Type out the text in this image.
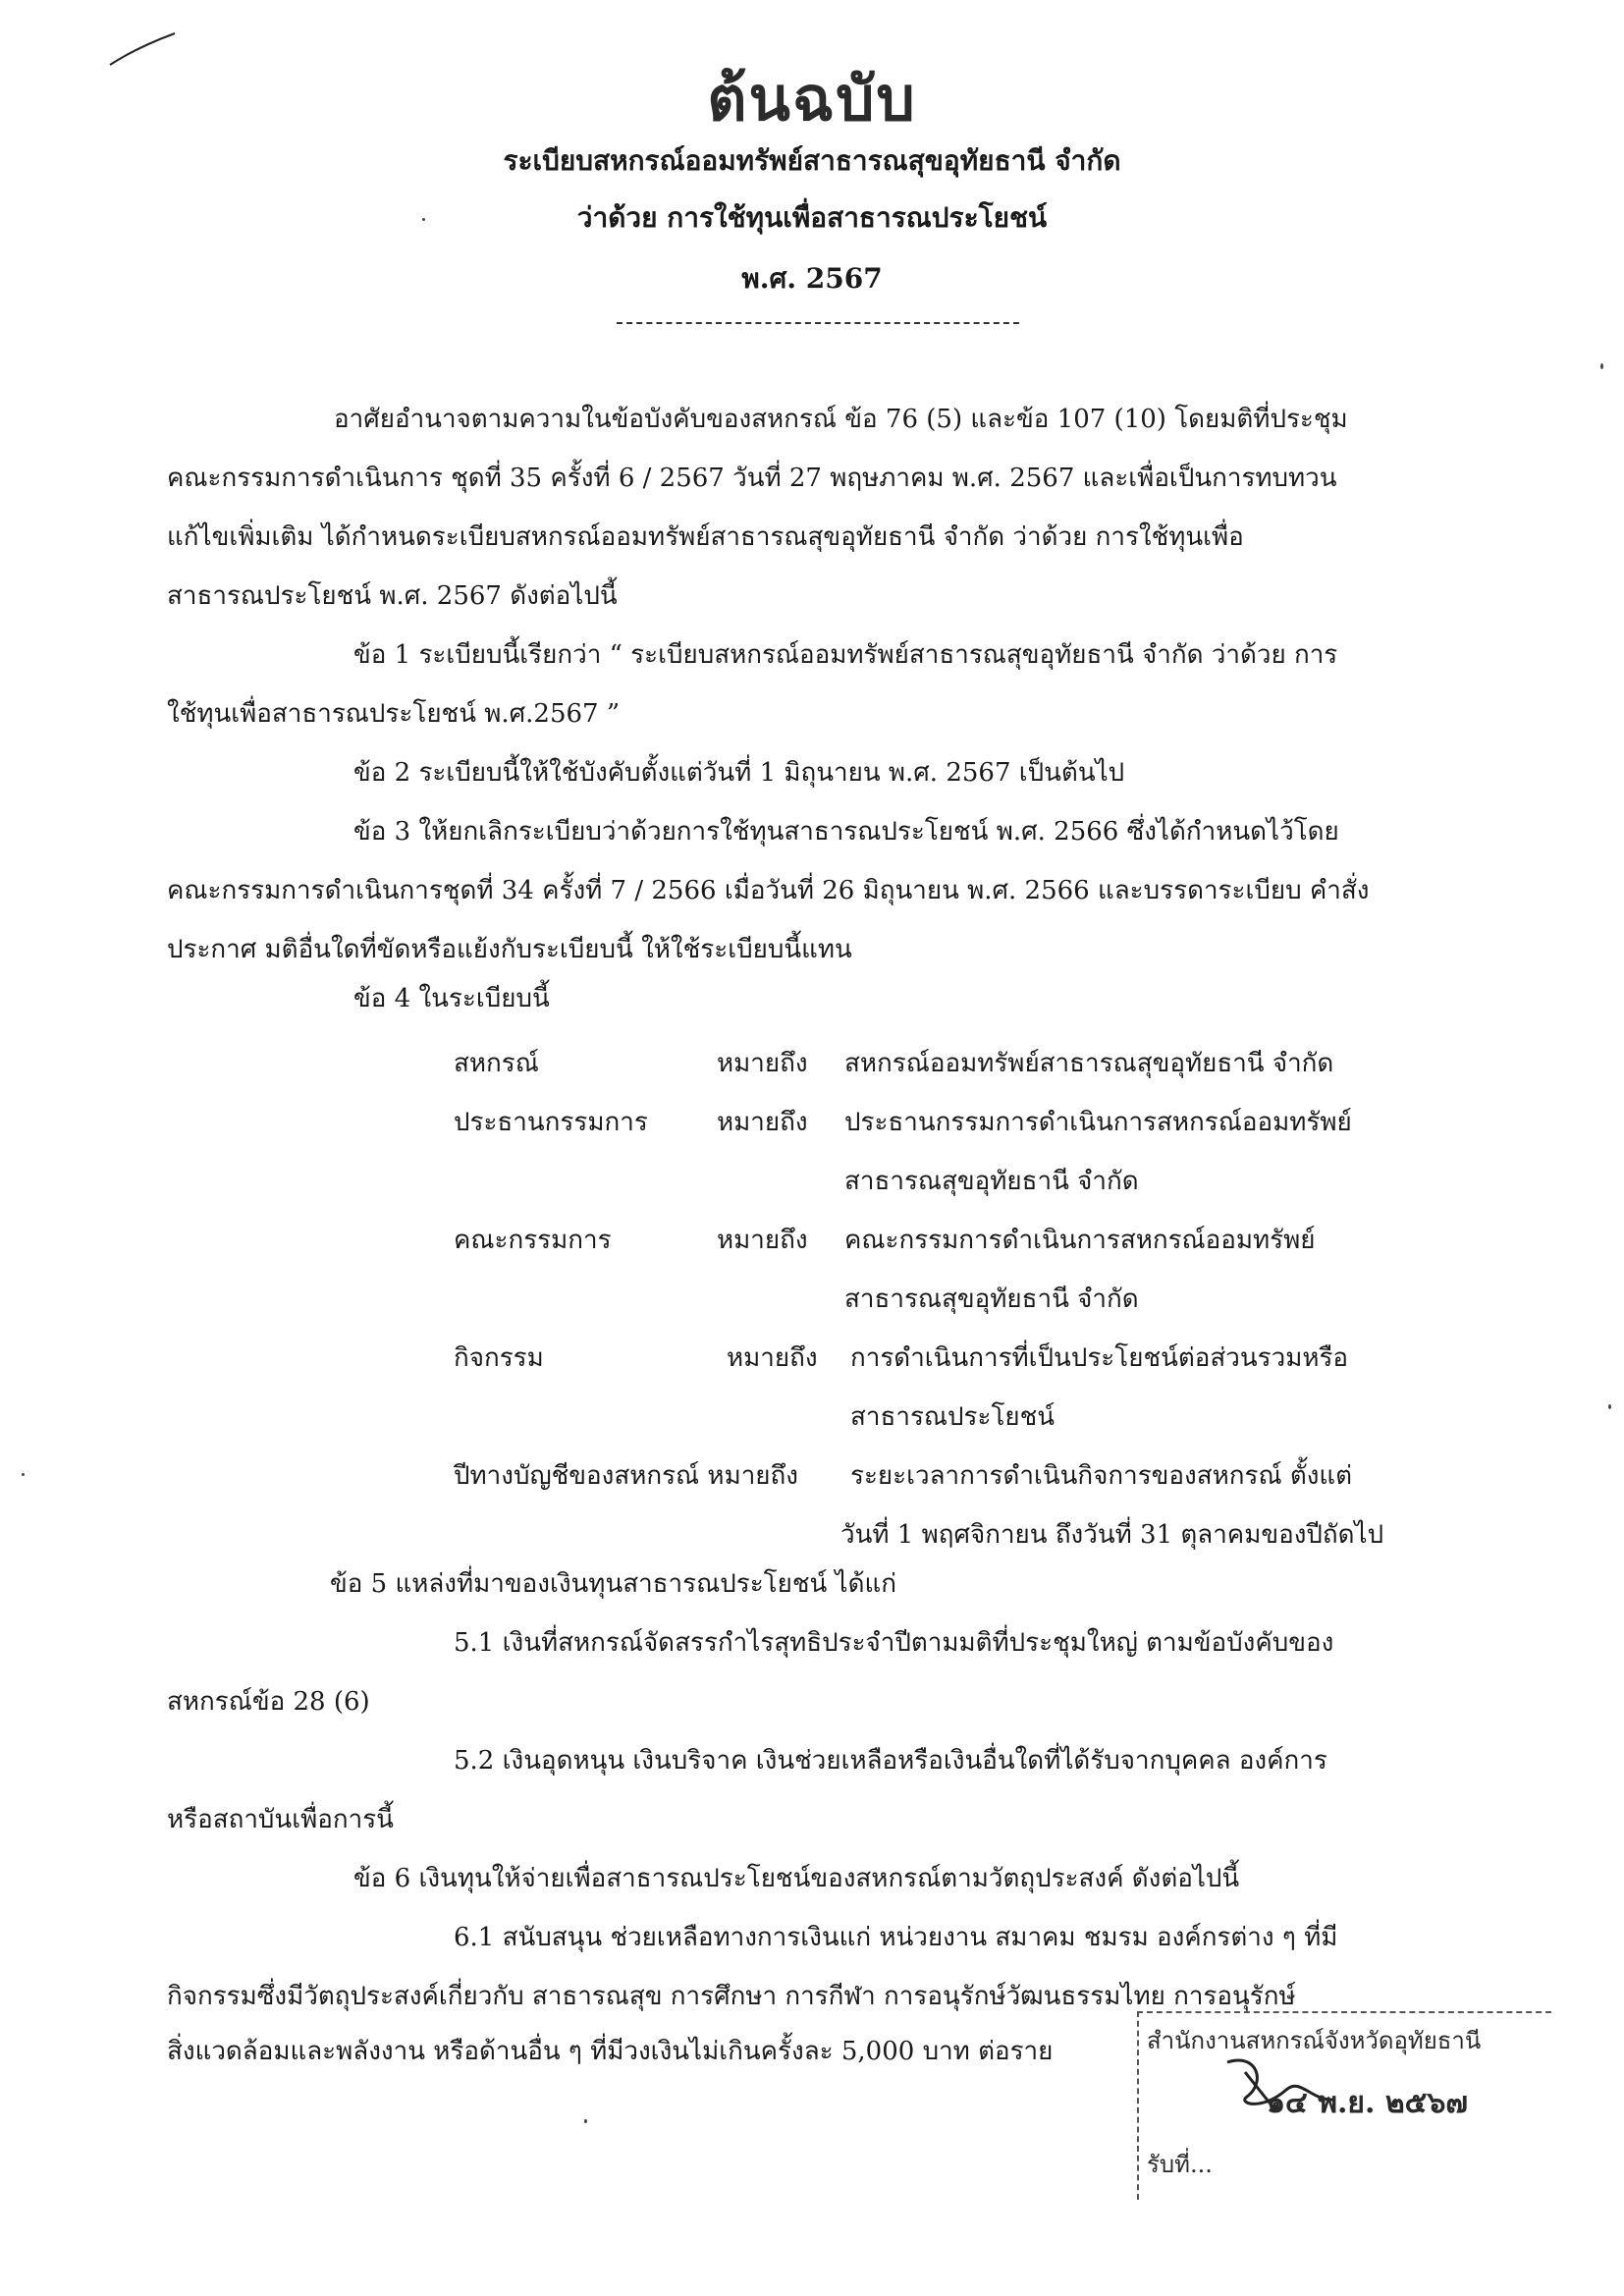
ต้นฉบับ
ระเบียบสหกรณ์ออมทรัพย์สาธารณสุขอุทัยธานี จำกัด
ว่าด้วย การใช้ทุนเพื่อสาธารณประโยชน์
พ.ศ. 2567
อาศัยอำนาจตามความในข้อบังคับของสหกรณ์ ข้อ 76 (5) และข้อ 107 (10) โดยมติที่ประชุม
คณะกรรมการดำเนินการ ชุดที่ 35 ครั้งที่ 6 / 2567 วันที่ 27 พฤษภาคม พ.ศ. 2567 และเพื่อเป็นการทบทวน
แก้ไขเพิ่มเติม ได้กำหนดระเบียบสหกรณ์ออมทรัพย์สาธารณสุขอุทัยธานี จำกัด ว่าด้วย การใช้ทุนเพื่อ
สาธารณประโยชน์ พ.ศ. 2567 ดังต่อไปนี้
ข้อ 1 ระเบียบนี้เรียกว่า “ ระเบียบสหกรณ์ออมทรัพย์สาธารณสุขอุทัยธานี จำกัด ว่าด้วย การ
ใช้ทุนเพื่อสาธารณประโยชน์ พ.ศ.2567 ”
ข้อ 2 ระเบียบนี้ให้ใช้บังคับตั้งแต่วันที่ 1 มิถุนายน พ.ศ. 2567 เป็นต้นไป
ข้อ 3 ให้ยกเลิกระเบียบว่าด้วยการใช้ทุนสาธารณประโยชน์ พ.ศ. 2566 ซึ่งได้กำหนดไว้โดย
คณะกรรมการดำเนินการชุดที่ 34 ครั้งที่ 7 / 2566 เมื่อวันที่ 26 มิถุนายน พ.ศ. 2566 และบรรดาระเบียบ คำสั่ง
ประกาศ มติอื่นใดที่ขัดหรือแย้งกับระเบียบนี้ ให้ใช้ระเบียบนี้แทน
ข้อ 4 ในระเบียบนี้
สหกรณ์	หมายถึง สหกรณ์ออมทรัพย์สาธารณสุขอุทัยธานี จำกัด
ประธานกรรมการ	หมายถึง ประธานกรรมการดำเนินการสหกรณ์ออมทรัพย์
สาธารณสุขอุทัยธานี จำกัด
คณะกรรมการ	หมายถึง คณะกรรมการดำเนินการสหกรณ์ออมทรัพย์
สาธารณสุขอุทัยธานี จำกัด
กิจกรรม	หมายถึง การดำเนินการที่เป็นประโยชน์ต่อส่วนรวมหรือ
สาธารณประโยชน์
ปีทางบัญชีของสหกรณ์ หมายถึง ระยะเวลาการดำเนินกิจการของสหกรณ์ ตั้งแต่
วันที่ 1 พฤศจิกายน ถึงวันที่ 31 ตุลาคมของปีถัดไป
ข้อ 5 แหล่งที่มาของเงินทุนสาธารณประโยชน์ ได้แก่
5.1 เงินที่สหกรณ์จัดสรรกำไรสุทธิประจำปีตามมติที่ประชุมใหญ่ ตามข้อบังคับของ
สหกรณ์ข้อ 28 (6)
5.2 เงินอุดหนุน เงินบริจาค เงินช่วยเหลือหรือเงินอื่นใดที่ได้รับจากบุคคล องค์การ
หรือสถาบันเพื่อการนี้
ข้อ 6 เงินทุนให้จ่ายเพื่อสาธารณประโยชน์ของสหกรณ์ตามวัตถุประสงค์ ดังต่อไปนี้
6.1 สนับสนุน ช่วยเหลือทางการเงินแก่ หน่วยงาน สมาคม ชมรม องค์กรต่าง ๆ ที่มี
กิจกรรมซึ่งมีวัตถุประสงค์เกี่ยวกับ สาธารณสุข การศึกษา การกีฬา การอนุรักษ์วัฒนธรรมไทย การอนุรักษ์
สิ่งแวดล้อมและพลังงาน หรือด้านอื่น ๆ ที่มีวงเงินไม่เกินครั้งละ 5,000 บาท ต่อราย	สำนักงานสหกรณ์จังหวัดอุทัยธานี
๑๔ พ.ย. ๒๕๖๗
รับที่...
